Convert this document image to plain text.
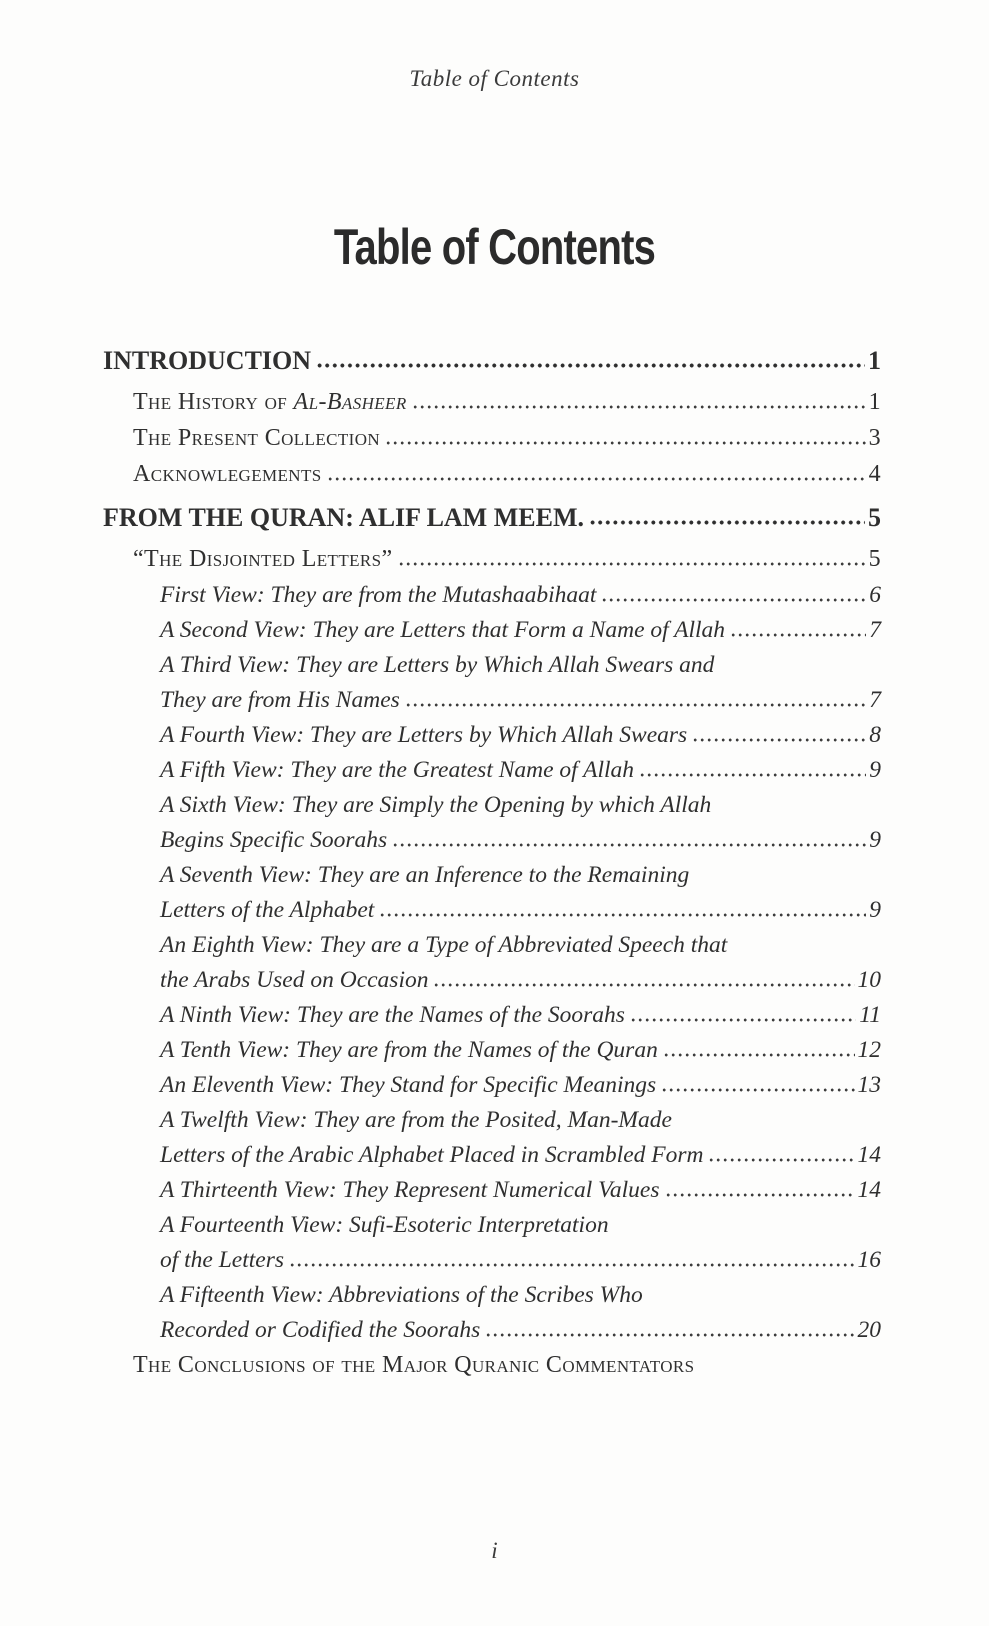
Table of Contents
Table of Contents
INTRODUCTION	1
The History of Al-Basheer	1
The Present Collection	3
Acknowlegements	4
FROM THE QURAN: ALIF LAM MEEM.	5
“The Disjointed Letters”	5
First View: They are from the Mutashaabihaat	6
A Second View: They are Letters that Form a Name of Allah	7
A Third View: They are Letters by Which Allah Swears and
They are from His Names	7
A Fourth View: They are Letters by Which Allah Swears	8
A Fifth View: They are the Greatest Name of Allah	9
A Sixth View: They are Simply the Opening by which Allah
Begins Specific Soorahs	9
A Seventh View: They are an Inference to the Remaining
Letters of the Alphabet	9
An Eighth View: They are a Type of Abbreviated Speech that
the Arabs Used on Occasion	10
A Ninth View: They are the Names of the Soorahs	11
A Tenth View: They are from the Names of the Quran	12
An Eleventh View: They Stand for Specific Meanings	13
A Twelfth View: They are from the Posited, Man-Made
Letters of the Arabic Alphabet Placed in Scrambled Form	14
A Thirteenth View: They Represent Numerical Values	14
A Fourteenth View: Sufi-Esoteric Interpretation
of the Letters	16
A Fifteenth View: Abbreviations of the Scribes Who
Recorded or Codified the Soorahs	20
The Conclusions of the Major Quranic Commentators
i
